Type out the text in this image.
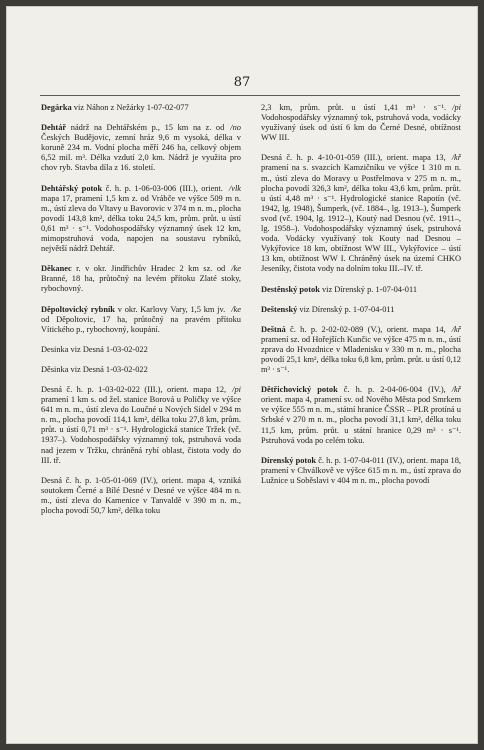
87
Degárka viz Náhon z Nežárky 1-07-02-077
/no
Dehtář nádrž na Dehtářském p., 15 km na z. od Českých Budějovic, zemní hráz 9,6 m vysoká, délka v koruně 234 m. Vodní plocha měří 246 ha, celkový objem 6,52 mil. m³. Délka vzdutí 2,0 km. Nádrž je využita pro chov ryb. Stavba díla z 16. století.
/vlk
Dehtářský potok č. h. p. 1-06-03-006 (III.), orient. mapa 17, pramení 1,5 km z. od Vrábče ve výšce 509 m n. m., ústí zleva do Vltavy u Bavorovic v 374 m n. m., plocha povodí 143,8 km², délka toku 24,5 km, prům. průt. u ústí 0,61 m³ · s⁻¹. Vodohospodářsky významný úsek 12 km, mimopstruhová voda, napojen na soustavu rybníků, největší nádrž Dehtář.
/ke
Děkanec r. v okr. Jindřichův Hradec 2 km sz. od Branné, 18 ha, průtočný na levém přítoku Zlaté stoky, rybochovný.
/ke
Děpoltovický rybník v okr. Karlovy Vary, 1,5 km jv. od Děpoltovic, 17 ha, průtočný na pravém přítoku Vítického p., rybochovný, koupání.
Desinka viz Desná 1-03-02-022
Děsinka viz Desná 1-03-02-022
/pi
Desná č. h. p. 1-03-02-022 (III.), orient. mapa 12, pramení 1 km s. od žel. stanice Borová u Poličky ve výšce 641 m n. m., ústí zleva do Loučné u Nových Sidel v 294 m n. m., plocha povodí 114,1 km², délka toku 27,8 km, prům. průt. u ústí 0,71 m³ · s⁻¹. Hydrologická stanice Tržek (vč. 1937–). Vodohospodářsky významný tok, pstruhová voda nad jezem v Tržku, chráněná rybí oblast, čistota vody do III. tř.
Desná č. h. p. 1-05-01-069 (IV.), orient. mapa 4, vzniká soutokem Černé a Bílé Desné v Desné ve výšce 484 m n. m., ústí zleva do Kamenice v Tanvaldě v 390 m n. m., plocha povodí 50,7 km², délka toku
/pi
2,3 km, prům. průt. u ústí 1,41 m³ · s⁻¹. Vodohospodářsky významný tok, pstruhová voda, vodácky využívaný úsek od ústí 6 km do Černé Desné, obtížnost WW III.
/kř
Desná č. h. p. 4-10-01-059 (III.), orient. mapa 13, pramení na s. svazcích Kamzičníku ve výšce 1 310 m n. m., ústí zleva do Moravy u Postřelmova v 275 m n. m., plocha povodí 326,3 km², délka toku 43,6 km, prům. průt. u ústí 4,48 m³ · s⁻¹. Hydrologické stanice Rapotín (vč. 1942, lg. 1948), Šumperk, (vč. 1884–, lg. 1913–), Šumperk svod (vč. 1904, lg. 1912–), Koutý nad Desnou (vč. 1911–, lg. 1958–). Vodohospodářsky významný úsek, pstruhová voda. Vodácky využívaný tok Kouty nad Desnou – Vykýřovice 18 km, obtížnost WW III., Vykýřovice – ústí 13 km, obtížnost WW I. Chráněný úsek na území CHKO Jeseníky, čistota vody na dolním toku III.–IV. tř.
Destěnský potok viz Dírenský p. 1-07-04-011
Deštenský viz Dírenský p. 1-07-04-011
/kř
Deštná č. h. p. 2-02-02-089 (V.), orient. mapa 14, pramení sz. od Hořejších Kunčic ve výšce 475 m n. m., ústí zprava do Hvozdnice v Mladenisku v 330 m n. m., plocha povodí 25,1 km², délka toku 6,8 km, prům. průt. u ústí 0,12 m³ · s⁻¹.
/kř
Dětřichovický potok č. h. p. 2-04-06-004 (IV.), orient. mapa 4, pramení sv. od Nového Města pod Smrkem ve výšce 555 m n. m., státní hranice ČSSR – PLR protíná u Srbské v 270 m n. m., plocha povodí 31,1 km², délka toku 11,5 km, prům. průt. u státní hranice 0,29 m³ · s⁻¹. Pstruhová voda po celém toku.
Dírenský potok č. h. p. 1-07-04-011 (IV.), orient. mapa 18, pramení v Chválkově ve výšce 615 m n. m., ústí zprava do Lužnice u Soběslavi v 404 m n. m., plocha povodí
